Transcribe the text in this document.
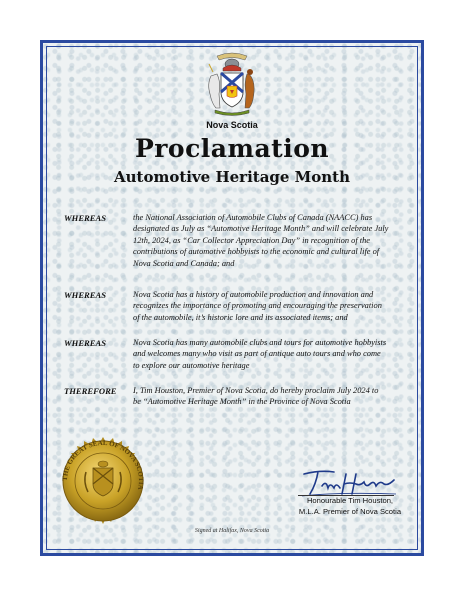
Nova Scotia
Proclamation
Automotive Heritage Month
WHEREAS	the National Association of Automobile Clubs of Canada (NAACC) has
designated as July as “Automotive Heritage Month” and will celebrate July
12th, 2024, as “Car Collector Appreciation Day” in recognition of the
contributions of automotive hobbyists to the economic and cultural life of
Nova Scotia and Canada; and
WHEREAS	Nova Scotia has a history of automobile production and innovation and
recognizes the importance of promoting and encouraging the preservation
of the automobile, it’s historic lore and its associated items; and
WHEREAS	Nova Scotia has many automobile clubs and tours for automotive hobbyists
and welcomes many who visit as part of antique auto tours and who come
to explore our automotive heritage
THEREFORE	I, Tim Houston, Premier of Nova Scotia, do hereby proclaim July 2024 to
be “Automotive Heritage Month” in the Province of Nova Scotia
THE GREAT SEAL OF NOVA SCOTIA
Honourable Tim Houston,
M.L.A. Premier of Nova Scotia
Signed at Halifax, Nova Scotia
